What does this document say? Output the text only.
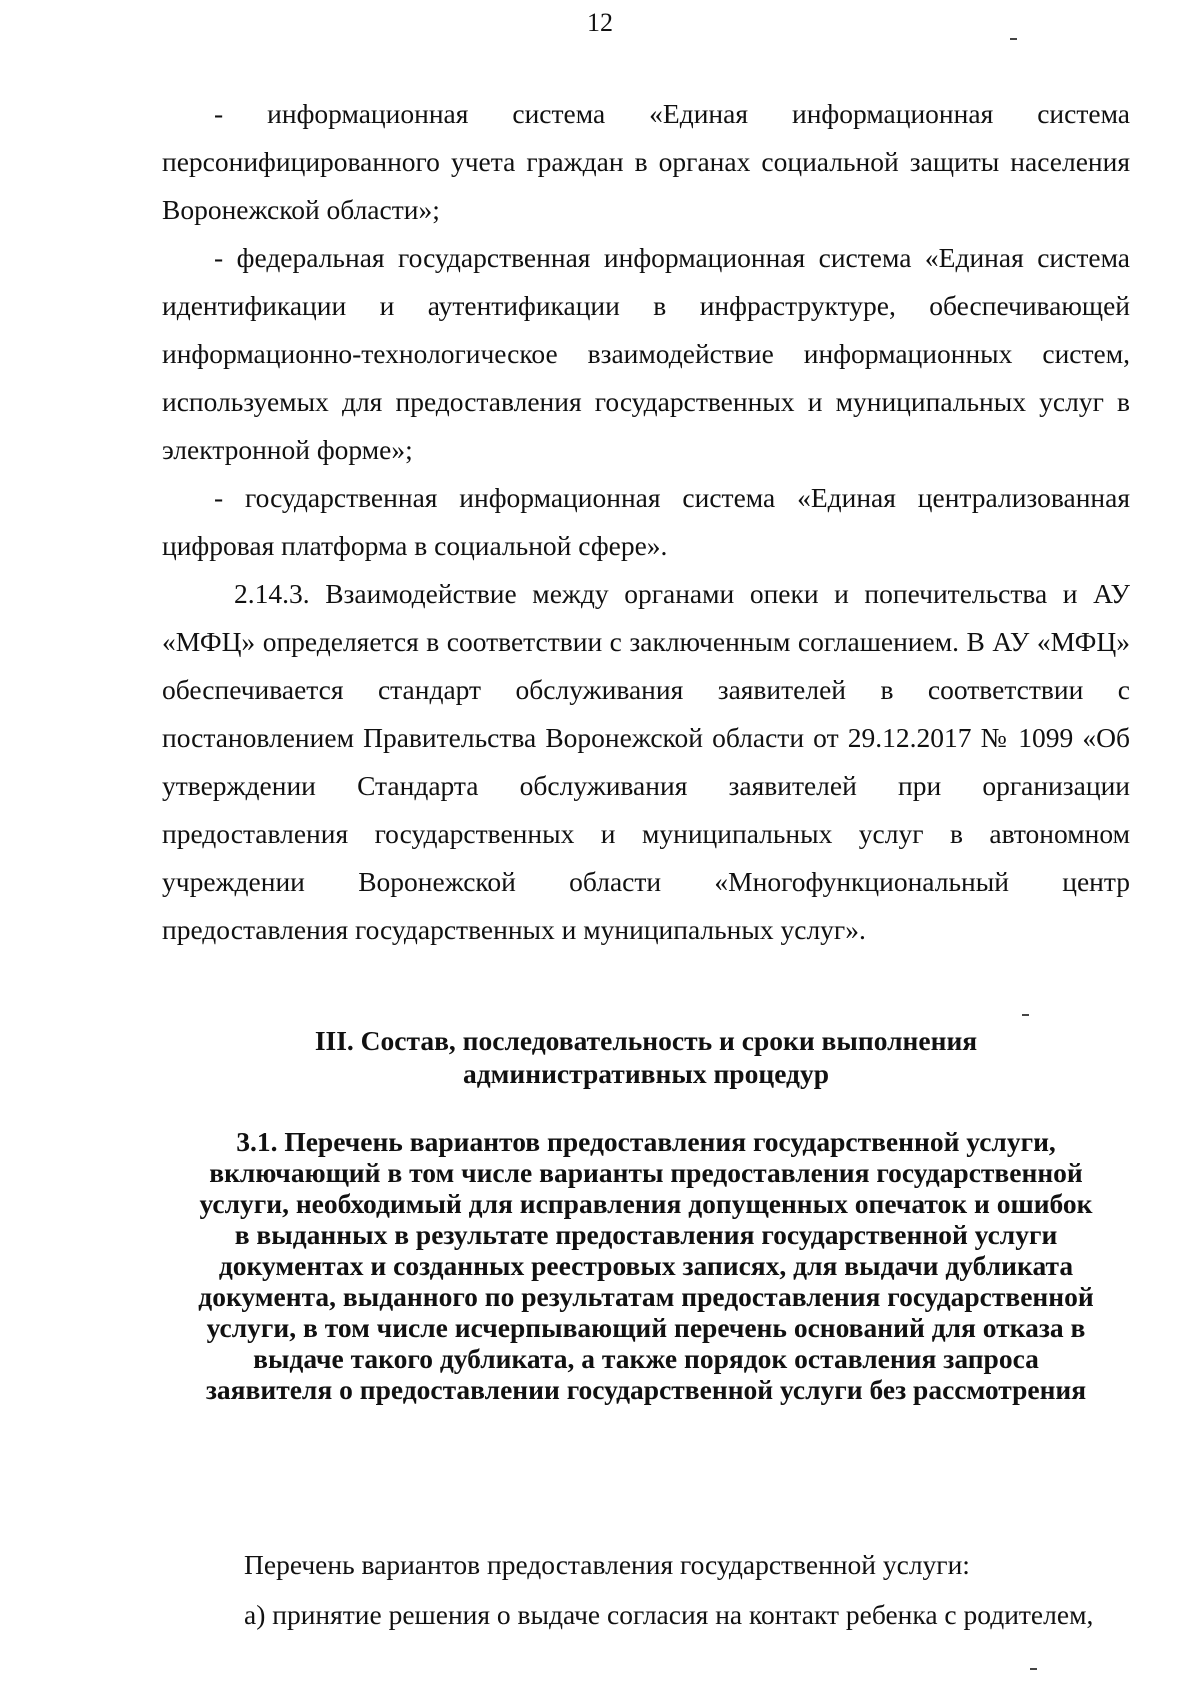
12

- информационная система «Единая информационная система персонифицированного учета граждан в органах социальной защиты населения Воронежской области»;

- федеральная государственная информационная система «Единая система идентификации и аутентификации в инфраструктуре, обеспечивающей информационно-технологическое взаимодействие информационных систем, используемых для предоставления государственных и муниципальных услуг в электронной форме»;

- государственная информационная система «Единая централизованная цифровая платформа в социальной сфере».

2.14.3. Взаимодействие между органами опеки и попечительства и АУ «МФЦ» определяется в соответствии с заключенным соглашением. В АУ «МФЦ» обеспечивается стандарт обслуживания заявителей в соответствии с постановлением Правительства Воронежской области от 29.12.2017 № 1099 «Об утверждении Стандарта обслуживания заявителей при организации предоставления государственных и муниципальных услуг в автономном учреждении Воронежской области «Многофункциональный центр предоставления государственных и муниципальных услуг».

III. Состав, последовательность и сроки выполнения
административных процедур
3.1. Перечень вариантов предоставления государственной услуги,
включающий в том числе варианты предоставления государственной
услуги, необходимый для исправления допущенных опечаток и ошибок
в выданных в результате предоставления государственной услуги
документах и созданных реестровых записях, для выдачи дубликата
документа, выданного по результатам предоставления государственной
услуги, в том числе исчерпывающий перечень оснований для отказа в
выдаче такого дубликата, а также порядок оставления запроса
заявителя о предоставлении государственной услуги без рассмотрения

Перечень вариантов предоставления государственной услуги:

а) принятие решения о выдаче согласия на контакт ребенка с родителем,
